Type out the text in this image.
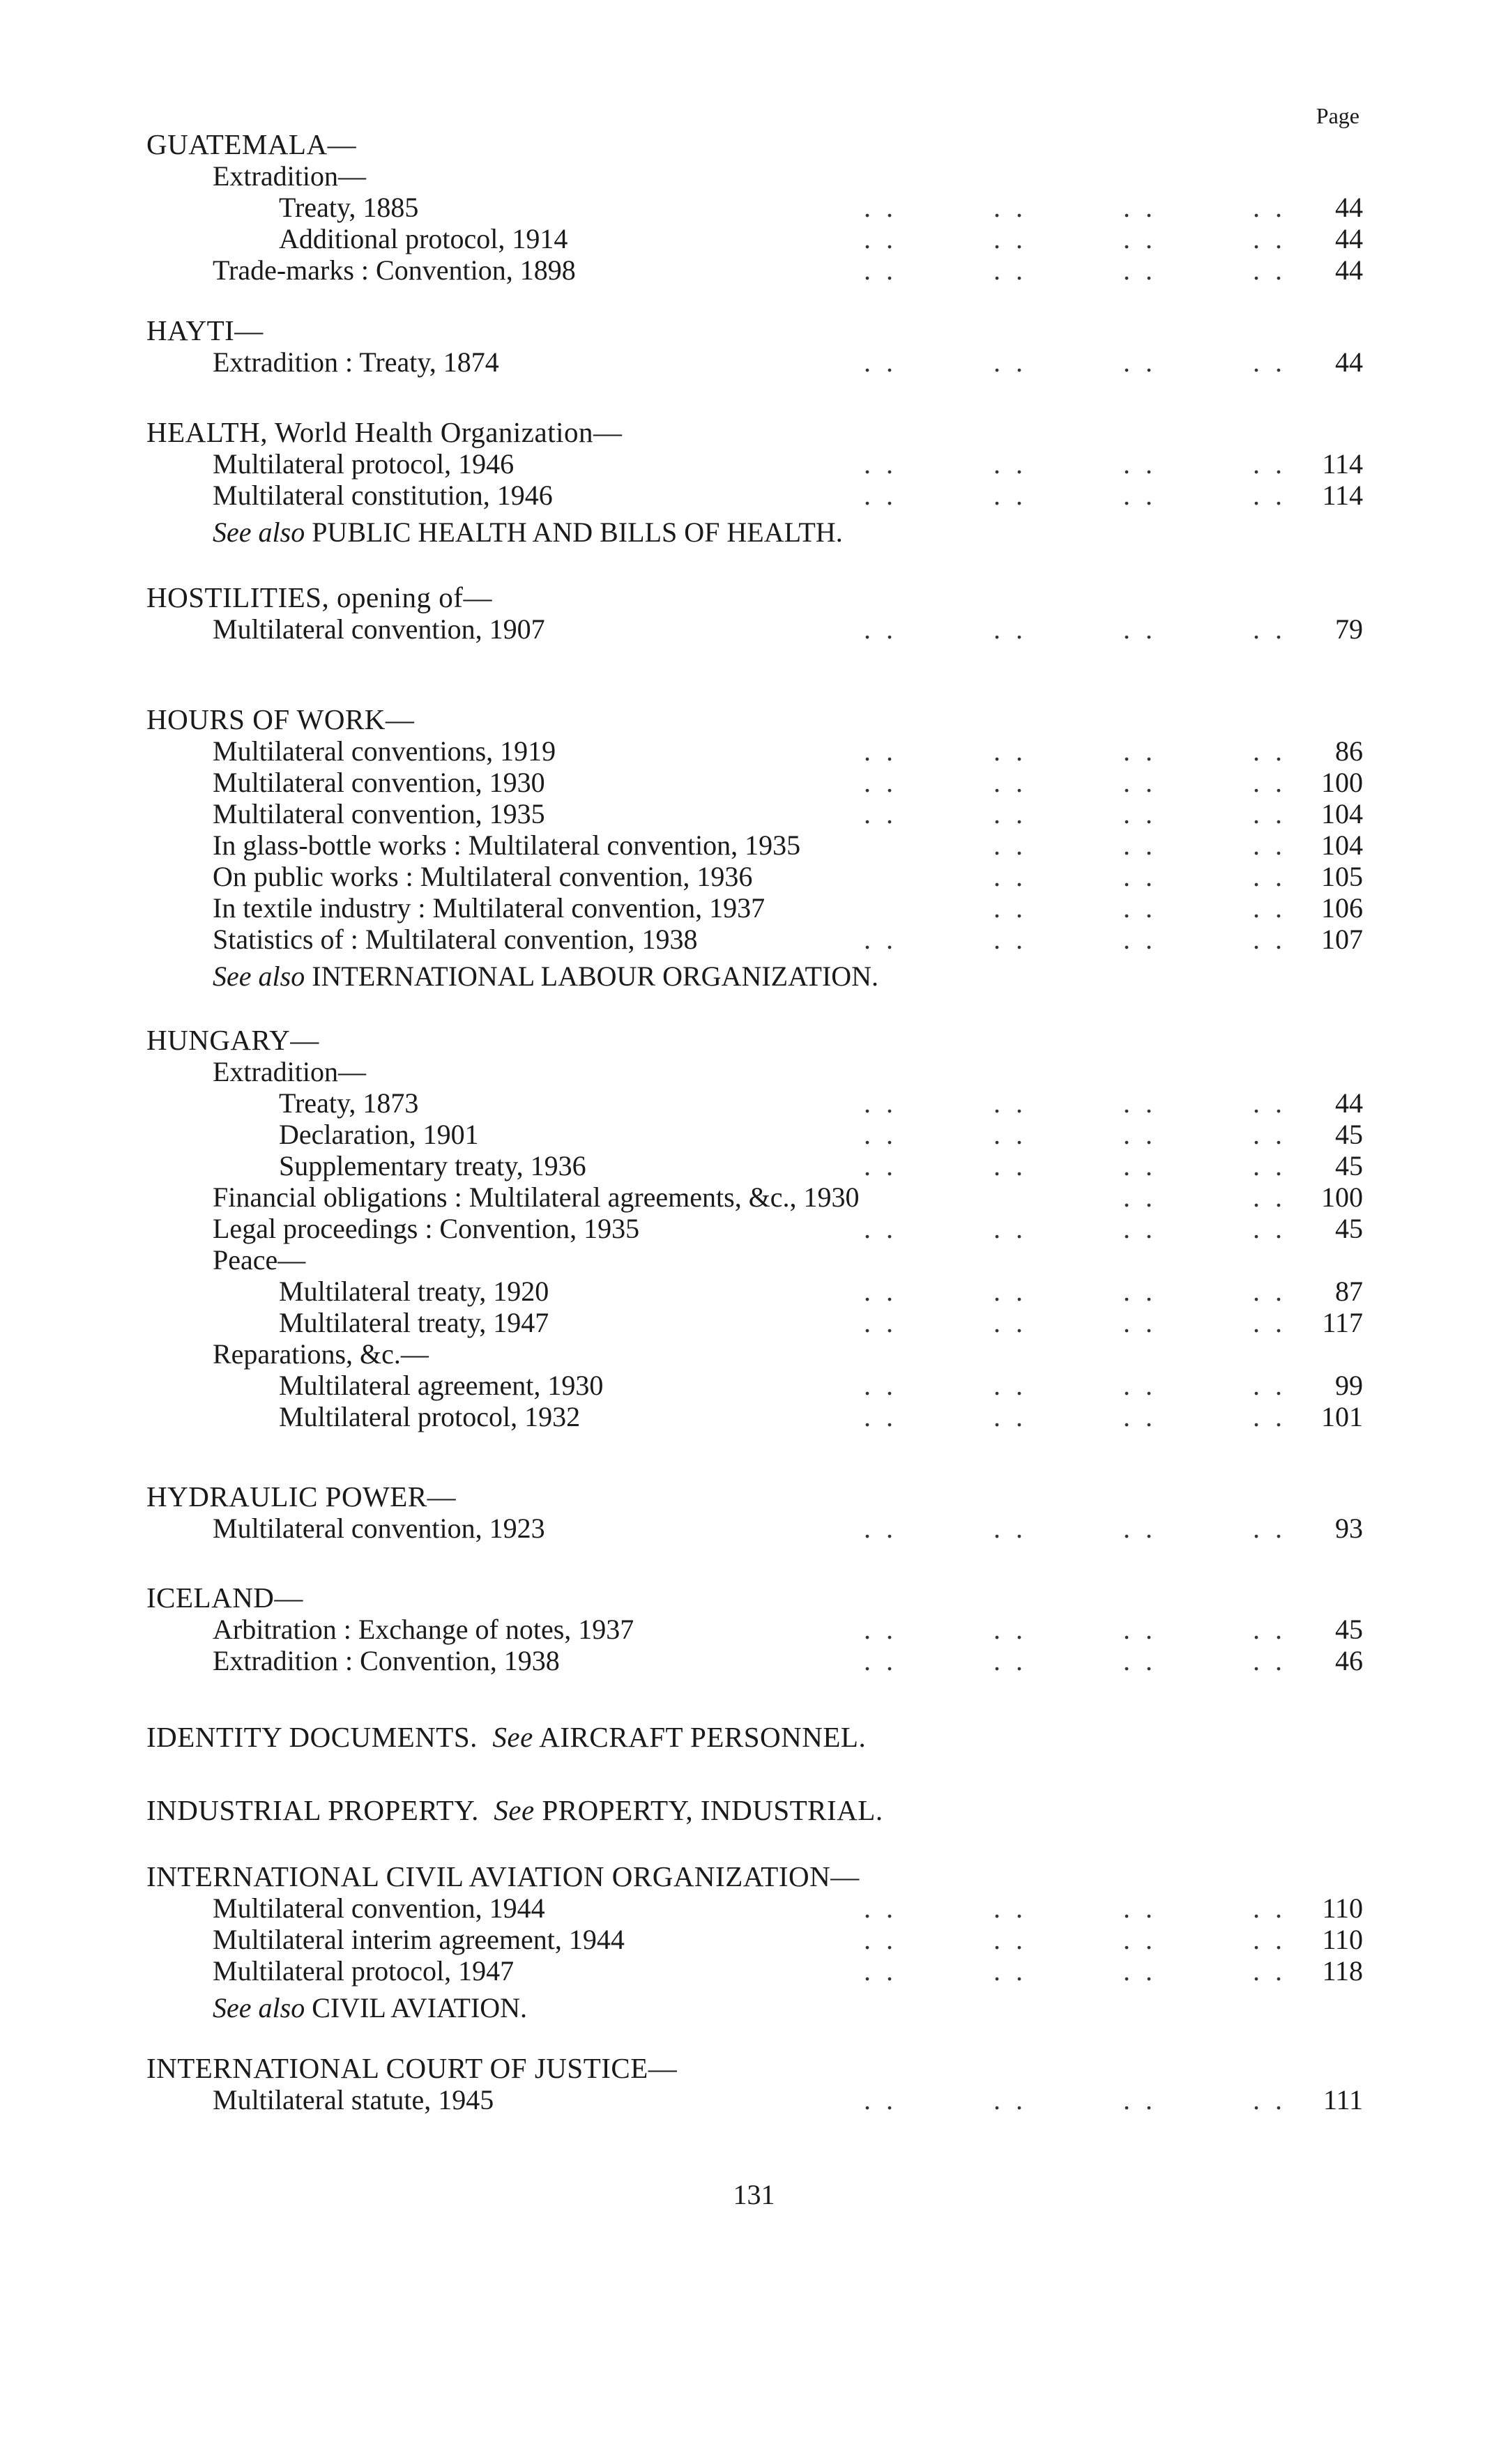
Page
GUATEMALA—
Extradition—
Treaty, 1885	. .   . .   . .   . .	44
Additional protocol, 1914	. .   . .   . .   . .	44
Trade-marks : Convention, 1898	. .   . .   . .   . .	44
HAYTI—
Extradition : Treaty, 1874	. .   . .   . .   . .	44
HEALTH, World Health Organization—
Multilateral protocol, 1946	. .   . .   . .   . .	114
Multilateral constitution, 1946	. .   . .   . .   . .	114
See also PUBLIC HEALTH AND BILLS OF HEALTH.
HOSTILITIES, opening of—
Multilateral convention, 1907	. .   . .   . .   . .	79
HOURS OF WORK—
Multilateral conventions, 1919	. .   . .   . .   . .	86
Multilateral convention, 1930	. .   . .   . .   . .	100
Multilateral convention, 1935	. .   . .   . .   . .	104
In glass-bottle works : Multilateral convention, 1935	. .   . .   . .	104
On public works : Multilateral convention, 1936	. .   . .   . .	105
In textile industry : Multilateral convention, 1937	. .   . .   . .	106
Statistics of : Multilateral convention, 1938	. .   . .   . .   . .	107
See also INTERNATIONAL LABOUR ORGANIZATION.
HUNGARY—
Extradition—
Treaty, 1873	. .   . .   . .   . .	44
Declaration, 1901	. .   . .   . .   . .	45
Supplementary treaty, 1936	. .   . .   . .   . .	45
Financial obligations : Multilateral agreements, &c., 1930	. .   . .	100
Legal proceedings : Convention, 1935	. .   . .   . .   . .	45
Peace—
Multilateral treaty, 1920	. .   . .   . .   . .	87
Multilateral treaty, 1947	. .   . .   . .   . .	117
Reparations, &c.—
Multilateral agreement, 1930	. .   . .   . .   . .	99
Multilateral protocol, 1932	. .   . .   . .   . .	101
HYDRAULIC POWER—
Multilateral convention, 1923	. .   . .   . .   . .	93
ICELAND—
Arbitration : Exchange of notes, 1937	. .   . .   . .   . .	45
Extradition : Convention, 1938	. .   . .   . .   . .	46
IDENTITY DOCUMENTS. See AIRCRAFT PERSONNEL.
INDUSTRIAL PROPERTY. See PROPERTY, INDUSTRIAL.
INTERNATIONAL CIVIL AVIATION ORGANIZATION—
Multilateral convention, 1944	. .   . .   . .   . .	110
Multilateral interim agreement, 1944	. .   . .   . .   . .	110
Multilateral protocol, 1947	. .   . .   . .   . .	118
See also CIVIL AVIATION.
INTERNATIONAL COURT OF JUSTICE—
Multilateral statute, 1945	. .   . .   . .   . .	111
131
